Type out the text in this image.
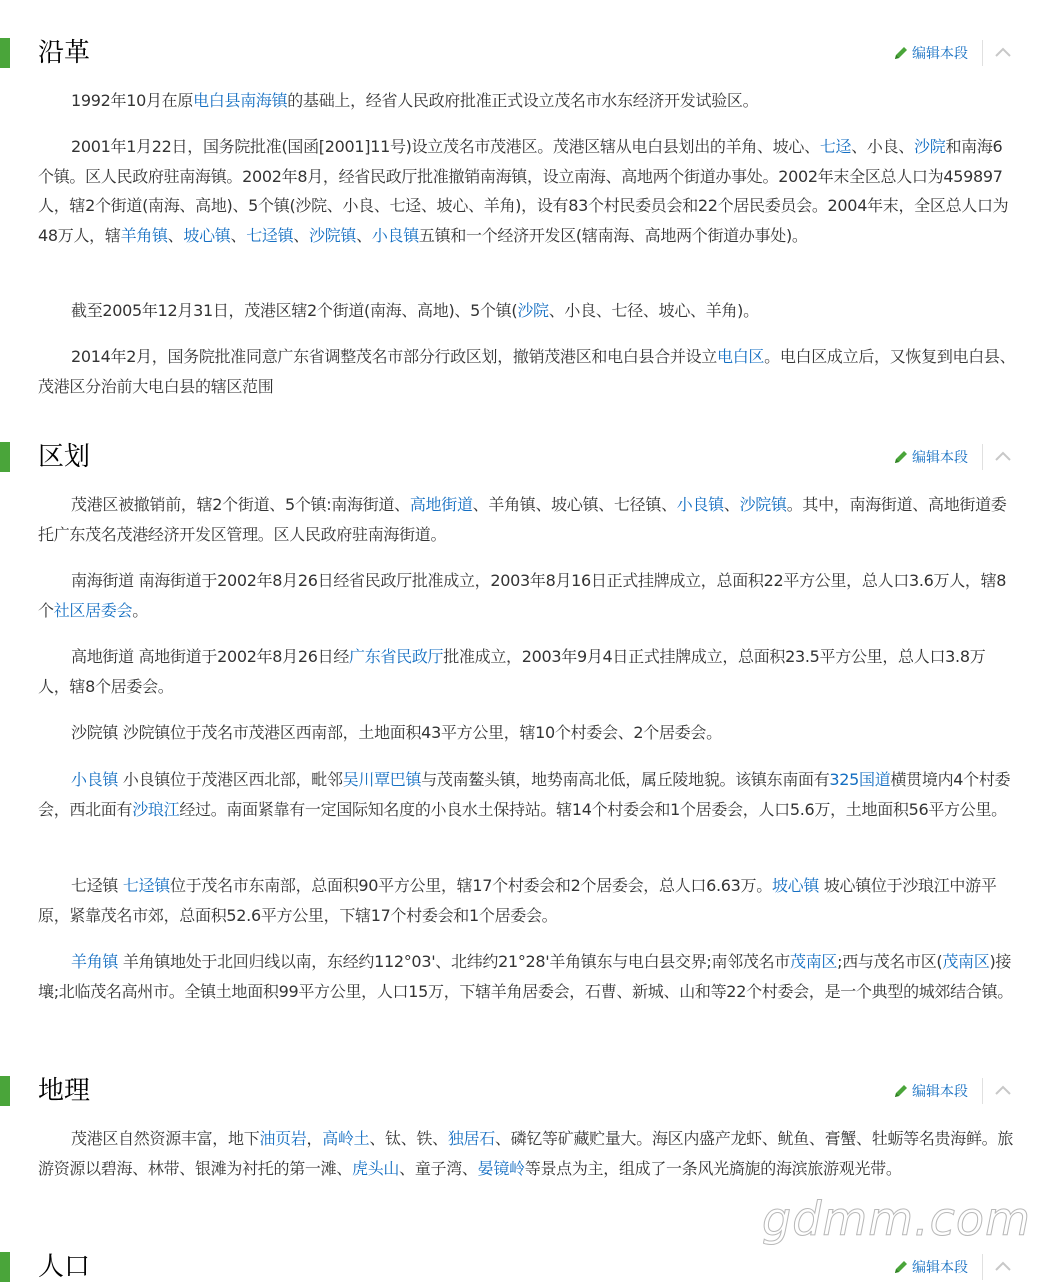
沿革	编辑本段

1992年10月在原电白县南海镇的基础上，经省人民政府批准正式设立茂名市水东经济开发试验区。

2001年1月22日，国务院批准(国函[2001]11号)设立茂名市茂港区。茂港区辖从电白县划出的羊角、坡心、七迳、小良、沙院和南海6个镇。区人民政府驻南海镇。2002年8月，经省民政厅批准撤销南海镇，设立南海、高地两个街道办事处。2002年末全区总人口为459897人，辖2个街道(南海、高地)、5个镇(沙院、小良、七迳、坡心、羊角)，设有83个村民委员会和22个居民委员会。2004年末，全区总人口为48万人，辖羊角镇、坡心镇、七迳镇、沙院镇、小良镇五镇和一个经济开发区(辖南海、高地两个街道办事处)。

截至2005年12月31日，茂港区辖2个街道(南海、高地)、5个镇(沙院、小良、七径、坡心、羊角)。

2014年2月，国务院批准同意广东省调整茂名市部分行政区划，撤销茂港区和电白县合并设立电白区。电白区成立后，又恢复到电白县、茂港区分治前大电白县的辖区范围

区划	编辑本段

茂港区被撤销前，辖2个街道、5个镇:南海街道、高地街道、羊角镇、坡心镇、七径镇、小良镇、沙院镇。其中，南海街道、高地街道委托广东茂名茂港经济开发区管理。区人民政府驻南海街道。

南海街道 南海街道于2002年8月26日经省民政厅批准成立，2003年8月16日正式挂牌成立，总面积22平方公里，总人口3.6万人，辖8个社区居委会。

高地街道 高地街道于2002年8月26日经广东省民政厅批准成立，2003年9月4日正式挂牌成立，总面积23.5平方公里，总人口3.8万人，辖8个居委会。

沙院镇 沙院镇位于茂名市茂港区西南部，土地面积43平方公里，辖10个村委会、2个居委会。

小良镇 小良镇位于茂港区西北部，毗邻吴川覃巴镇与茂南鳌头镇，地势南高北低，属丘陵地貌。该镇东南面有325国道横贯境内4个村委会，西北面有沙琅江经过。南面紧靠有一定国际知名度的小良水土保持站。辖14个村委会和1个居委会，人口5.6万，土地面积56平方公里。

七迳镇 七迳镇位于茂名市东南部，总面积90平方公里，辖17个村委会和2个居委会，总人口6.63万。坡心镇 坡心镇位于沙琅江中游平原，紧靠茂名市郊，总面积52.6平方公里，下辖17个村委会和1个居委会。

羊角镇 羊角镇地处于北回归线以南，东经约112°03'、北纬约21°28'羊角镇东与电白县交界;南邻茂名市茂南区;西与茂名市区(茂南区)接壤;北临茂名高州市。全镇土地面积99平方公里，人口15万，下辖羊角居委会，石曹、新城、山和等22个村委会，是一个典型的城郊结合镇。

地理	编辑本段

茂港区自然资源丰富，地下油页岩，高岭土、钛、铁、独居石、磷钇等矿藏贮量大。海区内盛产龙虾、鱿鱼、膏蟹、牡蛎等名贵海鲜。旅游资源以碧海、林带、银滩为衬托的第一滩、虎头山、童子湾、晏镜岭等景点为主，组成了一条风光旖旎的海滨旅游观光带。

人口	编辑本段
gdmm.com
